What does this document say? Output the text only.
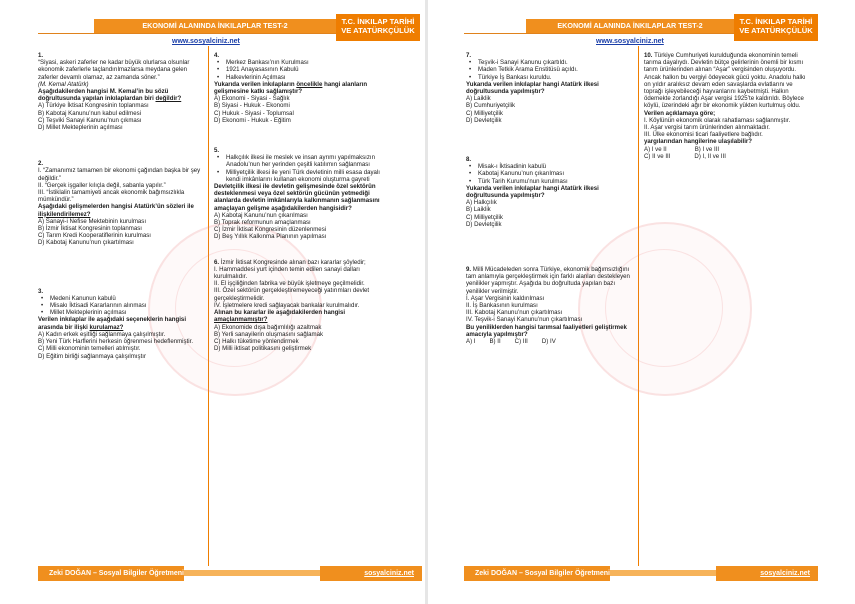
EKONOMİ ALANINDA İNKILAPLAR TEST-2	T.C. İNKILAP TARİHİ VE ATATÜRKÇÜLÜK
www.sosyalciniz.net

1.

“Siyasi, askeri zaferler ne kadar büyük olurlarsa olsunlar ekonomik zaferlerle taçlandırılmazlarsa meydana gelen zaferler devamlı olamaz, az zamanda söner.”

(M. Kemal Atatürk)

Aşağıdakilerden hangisi M. Kemal’in bu sözü doğrultusunda yapılan inkılaplardan biri değildir?

A) Türkiye İktisat Kongresinin toplanması

B) Kabotaj Kanunu’nun kabul edilmesi

C) Teşviki Sanayi Kanunu’nun çıkması

D) Millet Mekteplerinin açılması

2.

I. “Zamanımız tamamen bir ekonomi çağından başka bir şey değildir.”

II. “Gerçek işgaller kılıçla değil, sabanla yapılır.”

III. “İstiklalin tamamiyeti ancak ekonomik bağımsızlıkla mümkündür.”

Aşağıdaki gelişmelerden hangisi Atatürk’ün sözleri ile ilişkilendirilemez?

A) Sanayi-i Nefise Mektebinin kurulması

B) İzmir İktisat Kongresinin toplanması

C) Tarım Kredi Kooperatiflerinin kurulması

D) Kabotaj Kanunu’nun çıkartılması

3.

• Medeni Kanunun kabulü

• Misakı İktisadi Kararlarının alınması

• Millet Mekteplerinin açılması

Verilen inkılaplar ile aşağıdaki seçeneklerin hangisi arasında bir ilişki kurulamaz?

A) Kadın erkek eşitliği sağlanmaya çalışılmıştır.

B) Yeni Türk Harflerini herkesin öğrenmesi hedeflenmiştir.

C) Milli ekonominin temelleri atılmıştır.

D) Eğitim birliği sağlanmaya çalışılmıştır

4.

• Merkez Bankası’nın Kurulması

• 1921 Anayasasının Kabulü

• Halkevlerinin Açılması

Yukarıda verilen inkılapların öncelikle hangi alanların gelişmesine katkı sağlamıştır?

A) Ekonomi - Siyasi - Sağlık

B) Siyasi - Hukuk - Ekonomi

C) Hukuk - Siyasi - Toplumsal

D) Ekonomi - Hukuk - Eğitim

5.

• Halkçılık ilkesi ile meslek ve insan ayrımı yapılmaksızın Anadolu’nun her yerinden çeşitli katılımın sağlanması

• Milliyetçilik ilkesi ile yeni Türk devletinin milli esasa dayalı kendi imkânlarını kullanan ekonomi oluşturma gayreti

Devletçilik ilkesi ile devletin gelişmesinde özel sektörün desteklenmesi veya özel sektörün gücünün yetmediği alanlarda devletin imkânlarıyla kalkınmanın sağlanmasını amaçlayan gelişme aşağıdakilerden hangisidir?

A) Kabotaj Kanunu’nun çıkarılması

B) Toprak reformunun amaçlanması

C) İzmir İktisat Kongresinin düzenlenmesi

D) Beş Yıllık Kalkınma Planının yapılması

6. İzmir İktisat Kongresinde alınan bazı kararlar şöyledir;

I. Hammaddesi yurt içinden temin edilen sanayi dalları kurulmalıdır.

II. El işçiliğinden fabrika ve büyük işletmeye geçilmelidir.

III. Özel sektörün gerçekleştiremeyeceği yatırımları devlet gerçekleştirmelidir.

IV. İşletmelere kredi sağlayacak bankalar kurulmalıdır.

Alınan bu kararlar ile aşağıdakilerden hangisi amaçlanmamıştır?

A) Ekonomide dışa bağımlılığı azaltmak

B) Yerli sanayilerin oluşmasını sağlamak

C) Halkı tüketime yönlendirmek

D) Milli iktisat politikasını geliştirmek

Zeki DOĞAN – Sosyal Bilgiler Öğretmeni	sosyalciniz.net
EKONOMİ ALANINDA İNKILAPLAR TEST-2	T.C. İNKILAP TARİHİ VE ATATÜRKÇÜLÜK
www.sosyalciniz.net

7.

• Teşvik-i Sanayi Kanunu çıkartıldı.

• Maden Tetkik Arama Enstitüsü açıldı.

• Türkiye İş Bankası kuruldu.

Yukarıda verilen inkılaplar hangi Atatürk ilkesi doğrultusunda yapılmıştır?

A) Laiklik

B) Cumhuriyetçilik

C) Milliyetçilik

D) Devletçilik

8.

• Misak-ı İktisadinin kabulü

• Kabotaj Kanunu’nun çıkarılması

• Türk Tarih Kurumu’nun kurulması

Yukarıda verilen inkılaplar hangi Atatürk ilkesi doğrultusunda yapılmıştır?

A) Halkçılık

B) Laiklik

C) Milliyetçilik

D) Devletçilik

9. Milli Mücadeleden sonra Türkiye, ekonomik bağımsızlığını tam anlamıyla gerçekleştirmek için farklı alanları destekleyen yenilikler yapmıştır. Aşağıda bu doğrultuda yapılan bazı yenilikler verilmiştir.

I. Aşar Vergisinin kaldırılması

II. İş Bankasının kurulması

III. Kabotaj Kanunu’nun çıkartılması

IV. Teşvik-i Sanayi Kanunu’nun çıkartılması

Bu yeniliklerden hangisi tarımsal faaliyetleri geliştirmek amacıyla yapılmıştır?

A) I B) II C) III D) IV

10. Türkiye Cumhuriyeti kurulduğunda ekonominin temeli tarıma dayalıydı. Devletin bütçe gelirlerinin önemli bir kısmı tarım ürünlerinden alınan “Aşar” vergisinden oluşuyordu. Ancak halkın bu vergiyi ödeyecek gücü yoktu. Anadolu halkı on yıldır aralıksız devam eden savaşlarda evlatlarını ve toprağı işleyebileceği hayvanlarını kaybetmişti. Halkın ödemekte zorlandığı Aşar vergisi 1925’te kaldırıldı. Böylece köylü, üzerindeki ağır bir ekonomik yükten kurtulmuş oldu.

Verilen açıklamaya göre;

I. Köylünün ekonomik olarak rahatlaması sağlanmıştır.

II. Aşar vergisi tarım ürünlerinden alınmaktadır.

III. Ülke ekonomisi ticari faaliyetlere bağlıdır.

yargılarından hangilerine ulaşılabilir?

A) I ve II	B) I ve III
C) II ve III	D) I, II ve III
Zeki DOĞAN – Sosyal Bilgiler Öğretmeni	sosyalciniz.net
